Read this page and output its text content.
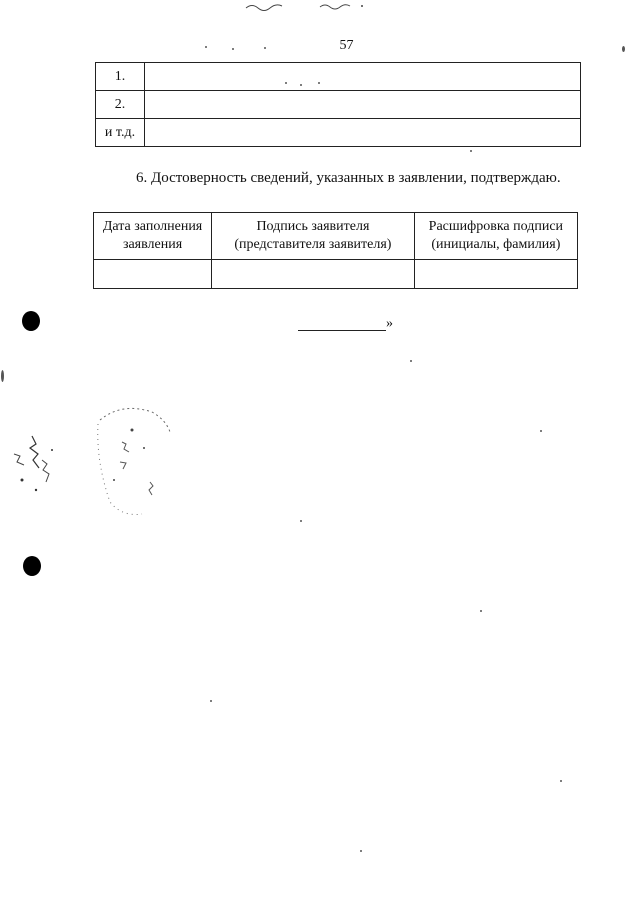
57
1.	
2.	
и т.д.	
6. Достоверность сведений, указанных в заявлении, подтверждаю.
Дата заполнения заявления	Подпись заявителя (представителя заявителя)	Расшифровка подписи (инициалы, фамилия)

»
